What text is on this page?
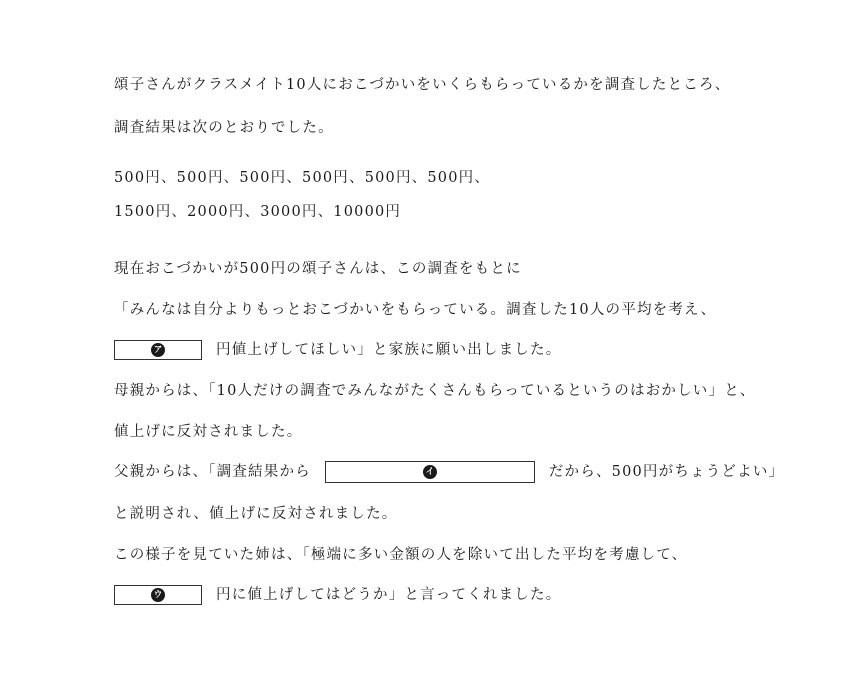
頌子さんがクラスメイト10人におこづかいをいくらもらっているかを調査したところ、
調査結果は次のとおりでした。
500円、500円、500円、500円、500円、500円、
1500円、2000円、3000円、10000円
現在おこづかいが500円の頌子さんは、この調査をもとに
「みんなは自分よりもっとおこづかいをもらっている。調査した10人の平均を考え、
ア	円値上げしてほしい」と家族に願い出しました。
母親からは、「10人だけの調査でみんながたくさんもらっているというのはおかしい」と、
値上げに反対されました。
父親からは、「調査結果から	イ	だから、500円がちょうどよい」
と説明され、値上げに反対されました。
この様子を見ていた姉は、「極端に多い金額の人を除いて出した平均を考慮して、
ウ	円に値上げしてはどうか」と言ってくれました。
